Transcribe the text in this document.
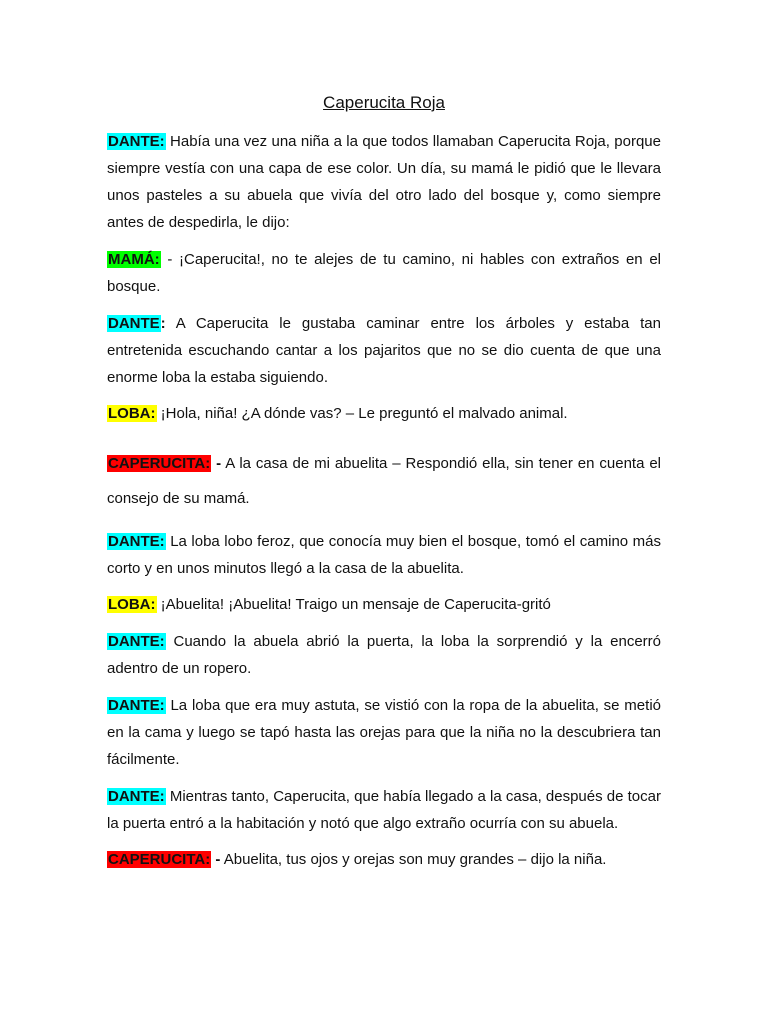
Caperucita Roja

DANTE: Había una vez una niña a la que todos llamaban Caperucita Roja, porque siempre vestía con una capa de ese color. Un día, su mamá le pidió que le llevara unos pasteles a su abuela que vivía del otro lado del bosque y, como siempre antes de despedirla, le dijo:

MAMÁ: - ¡Caperucita!, no te alejes de tu camino, ni hables con extraños en el bosque.

DANTE: A Caperucita le gustaba caminar entre los árboles y estaba tan entretenida escuchando cantar a los pajaritos que no se dio cuenta de que una enorme loba la estaba siguiendo.

LOBA: ¡Hola, niña! ¿A dónde vas? – Le preguntó el malvado animal.

CAPERUCITA: - A la casa de mi abuelita – Respondió ella, sin tener en cuenta el consejo de su mamá.

DANTE: La loba lobo feroz, que conocía muy bien el bosque, tomó el camino más corto y en unos minutos llegó a la casa de la abuelita.

LOBA: ¡Abuelita! ¡Abuelita! Traigo un mensaje de Caperucita-gritó

DANTE: Cuando la abuela abrió la puerta, la loba la sorprendió y la encerró adentro de un ropero.

DANTE: La loba que era muy astuta, se vistió con la ropa de la abuelita, se metió en la cama y luego se tapó hasta las orejas para que la niña no la descubriera tan fácilmente.

DANTE: Mientras tanto, Caperucita, que había llegado a la casa, después de tocar la puerta entró a la habitación y notó que algo extraño ocurría con su abuela.

CAPERUCITA: - Abuelita, tus ojos y orejas son muy grandes – dijo la niña.
